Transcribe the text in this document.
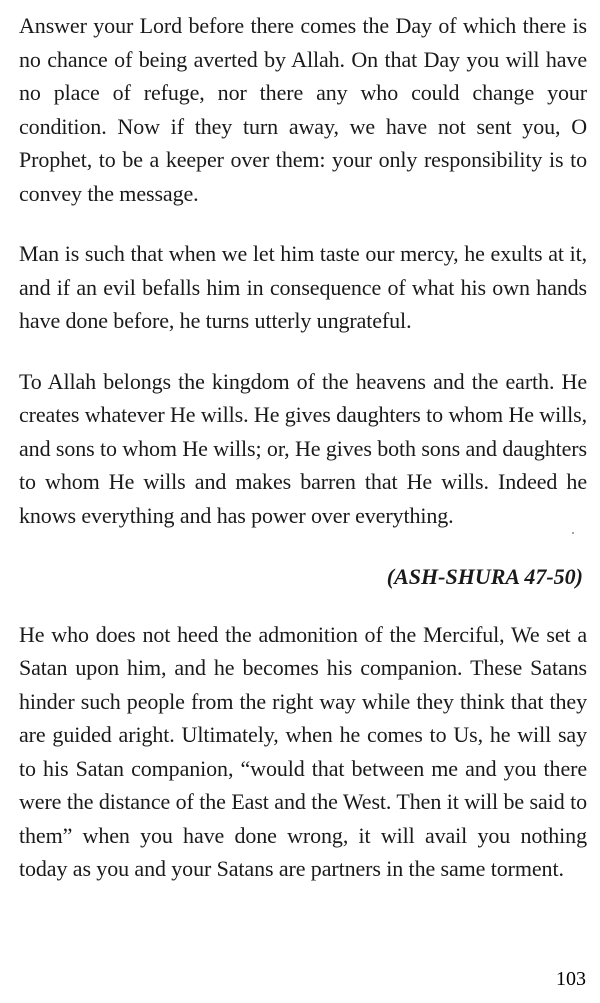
Answer your Lord before there comes the Day of which there is no chance of being averted by Allah. On that Day you will have no place of refuge, nor there any who could change your condition. Now if they turn away, we have not sent you, O Prophet, to be a keeper over them: your only responsibility is to convey the message.

Man is such that when we let him taste our mercy, he exults at it, and if an evil befalls him in consequence of what his own hands have done before, he turns utterly ungrateful.

To Allah belongs the kingdom of the heavens and the earth. He creates whatever He wills. He gives daughters to whom He wills, and sons to whom He wills; or, He gives both sons and daughters to whom He wills and makes barren that He wills. Indeed he knows everything and has power over everything.

(ASH-SHURA 47-50)

He who does not heed the admonition of the Merciful, We set a Satan upon him, and he becomes his companion. These Satans hinder such people from the right way while they think that they are guided aright. Ultimately, when he comes to Us, he will say to his Satan companion, “would that between me and you there were the distance of the East and the West. Then it will be said to them” when you have done wrong, it will avail you nothing today as you and your Satans are partners in the same torment.

103
